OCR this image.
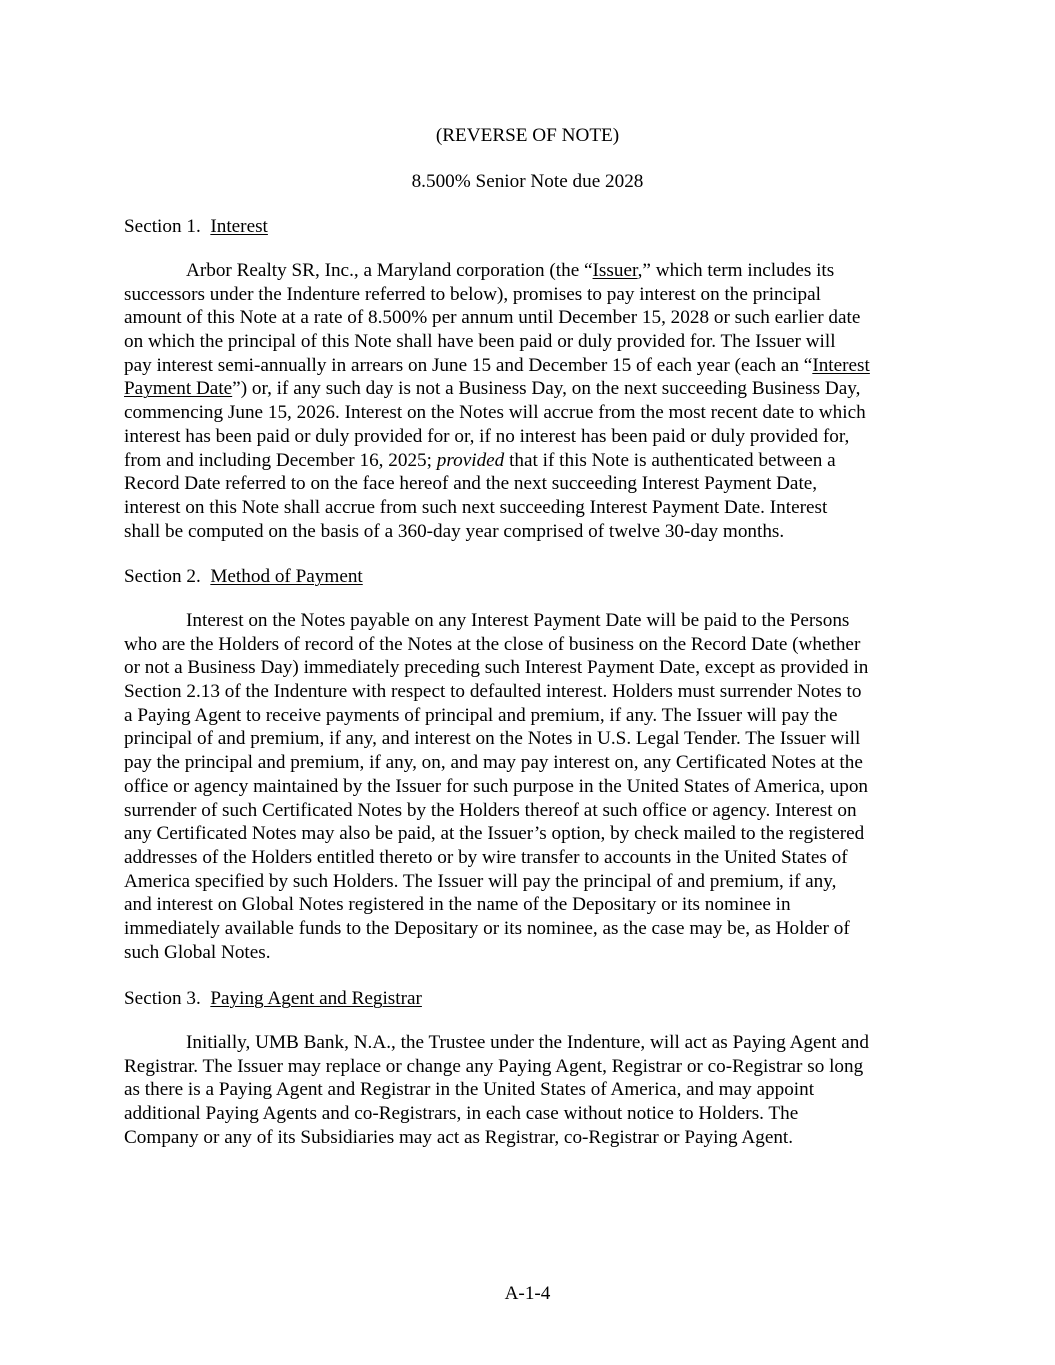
(REVERSE OF NOTE)
8.500% Senior Note due 2028
Section 1. Interest
Arbor Realty SR, Inc., a Maryland corporation (the “Issuer,” which term includes its
successors under the Indenture referred to below), promises to pay interest on the principal
amount of this Note at a rate of 8.500% per annum until December 15, 2028 or such earlier date
on which the principal of this Note shall have been paid or duly provided for. The Issuer will
pay interest semi-annually in arrears on June 15 and December 15 of each year (each an “Interest
Payment Date”) or, if any such day is not a Business Day, on the next succeeding Business Day,
commencing June 15, 2026. Interest on the Notes will accrue from the most recent date to which
interest has been paid or duly provided for or, if no interest has been paid or duly provided for,
from and including December 16, 2025; provided that if this Note is authenticated between a
Record Date referred to on the face hereof and the next succeeding Interest Payment Date,
interest on this Note shall accrue from such next succeeding Interest Payment Date. Interest
shall be computed on the basis of a 360-day year comprised of twelve 30-day months.
Section 2. Method of Payment
Interest on the Notes payable on any Interest Payment Date will be paid to the Persons
who are the Holders of record of the Notes at the close of business on the Record Date (whether
or not a Business Day) immediately preceding such Interest Payment Date, except as provided in
Section 2.13 of the Indenture with respect to defaulted interest. Holders must surrender Notes to
a Paying Agent to receive payments of principal and premium, if any. The Issuer will pay the
principal of and premium, if any, and interest on the Notes in U.S. Legal Tender. The Issuer will
pay the principal and premium, if any, on, and may pay interest on, any Certificated Notes at the
office or agency maintained by the Issuer for such purpose in the United States of America, upon
surrender of such Certificated Notes by the Holders thereof at such office or agency. Interest on
any Certificated Notes may also be paid, at the Issuer’s option, by check mailed to the registered
addresses of the Holders entitled thereto or by wire transfer to accounts in the United States of
America specified by such Holders. The Issuer will pay the principal of and premium, if any,
and interest on Global Notes registered in the name of the Depositary or its nominee in
immediately available funds to the Depositary or its nominee, as the case may be, as Holder of
such Global Notes.
Section 3. Paying Agent and Registrar
Initially, UMB Bank, N.A., the Trustee under the Indenture, will act as Paying Agent and
Registrar. The Issuer may replace or change any Paying Agent, Registrar or co-Registrar so long
as there is a Paying Agent and Registrar in the United States of America, and may appoint
additional Paying Agents and co-Registrars, in each case without notice to Holders. The
Company or any of its Subsidiaries may act as Registrar, co-Registrar or Paying Agent.
A-1-4
